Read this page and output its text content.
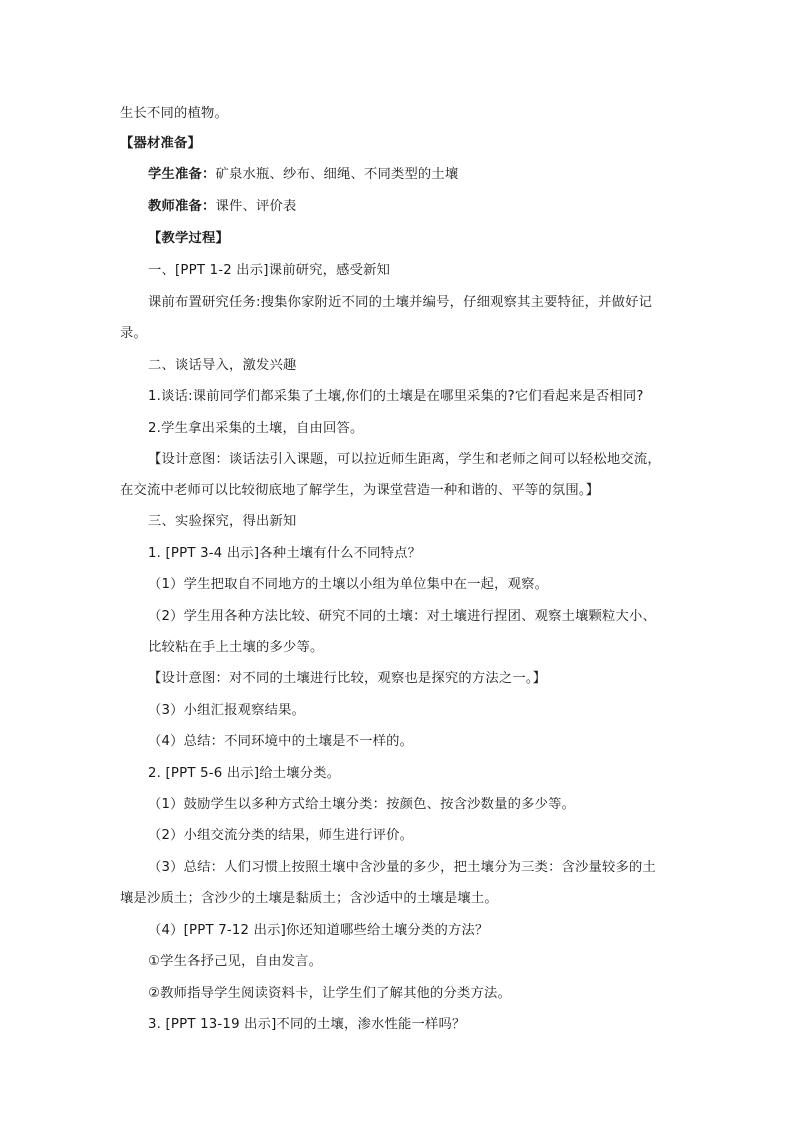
生长不同的植物。
【器材准备】
学生准备：矿泉水瓶、纱布、细绳、不同类型的土壤
教师准备：课件、评价表
【教学过程】
一、[PPT 1-2 出示]课前研究，感受新知
课前布置研究任务:搜集你家附近不同的土壤并编号，仔细观察其主要特征，并做好记
录。
二、谈话导入，激发兴趣
1.谈话:课前同学们都采集了土壤,你们的土壤是在哪里采集的?它们看起来是否相同?
2.学生拿出采集的土壤，自由回答。
【设计意图：谈话法引入课题，可以拉近师生距离，学生和老师之间可以轻松地交流，
在交流中老师可以比较彻底地了解学生，为课堂营造一种和谐的、平等的氛围。】
三、实验探究，得出新知
1. [PPT 3-4 出示]各种土壤有什么不同特点？
（1）学生把取自不同地方的土壤以小组为单位集中在一起，观察。
（2）学生用各种方法比较、研究不同的土壤：对土壤进行捏团、观察土壤颗粒大小、
比较粘在手上土壤的多少等。
【设计意图：对不同的土壤进行比较，观察也是探究的方法之一。】
（3）小组汇报观察结果。
（4）总结：不同环境中的土壤是不一样的。
2. [PPT 5-6 出示]给土壤分类。
（1）鼓励学生以多种方式给土壤分类：按颜色、按含沙数量的多少等。
（2）小组交流分类的结果，师生进行评价。
（3）总结：人们习惯上按照土壤中含沙量的多少，把土壤分为三类：含沙量较多的土
壤是沙质土；含沙少的土壤是黏质土；含沙适中的土壤是壤土。
（4）[PPT 7-12 出示]你还知道哪些给土壤分类的方法？
①学生各抒己见，自由发言。
②教师指导学生阅读资料卡，让学生们了解其他的分类方法。
3. [PPT 13-19 出示]不同的土壤，渗水性能一样吗？
